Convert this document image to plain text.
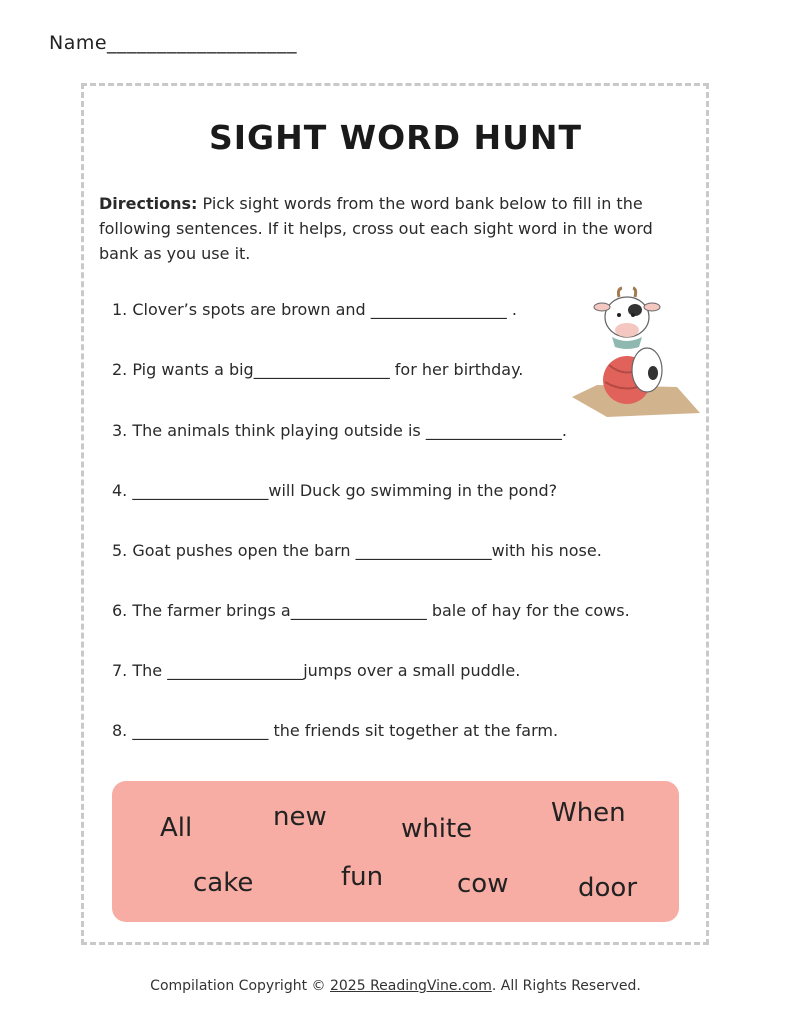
Name___________________
SIGHT WORD HUNT
Directions: Pick sight words from the word bank below to fill in the following sentences. If it helps, cross out each sight word in the word bank as you use it.
1. Clover’s spots are brown and _________________ .
2. Pig wants a big_________________ for her birthday.
3. The animals think playing outside is _________________.
4. _________________will Duck go swimming in the pond?
5. Goat pushes open the barn _________________with his nose.
6. The farmer brings a_________________ bale of hay for the cows.
7. The _________________jumps over a small puddle.
8. _________________ the friends sit together at the farm.
All	new	white
When
cake	fun	cow	door
Compilation Copyright © 2025 ReadingVine.com. All Rights Reserved.
